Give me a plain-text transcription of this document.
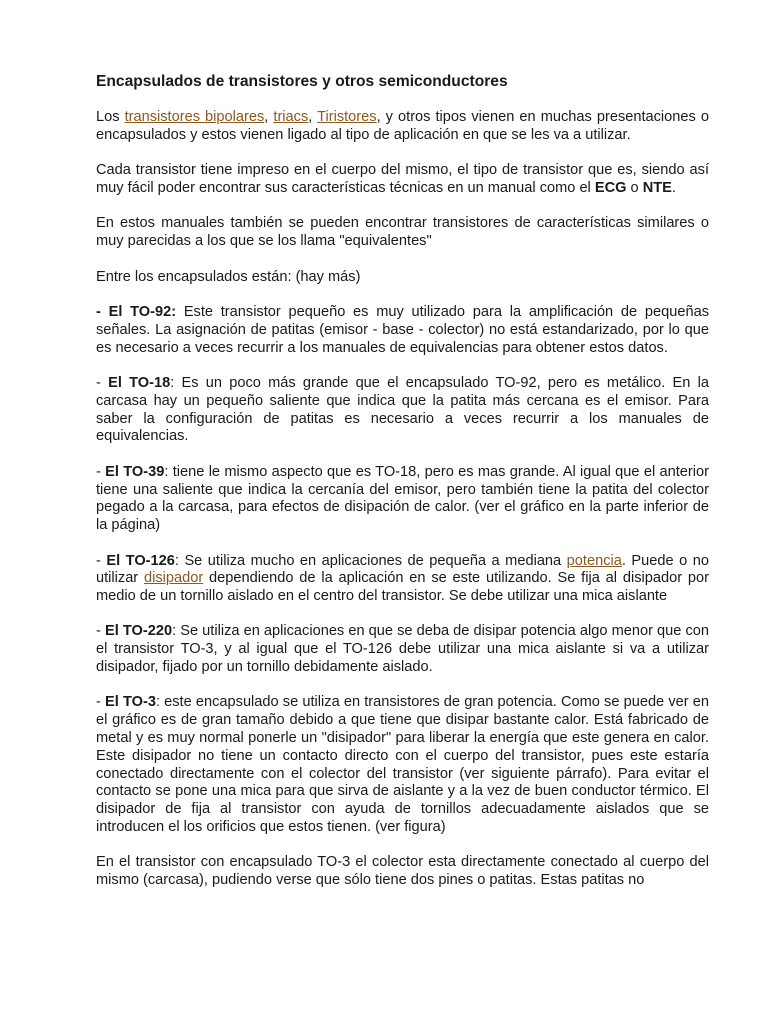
Encapsulados de transistores y otros semiconductores

Los transistores bipolares, triacs, Tiristores, y otros tipos vienen en muchas presentaciones o encapsulados y estos vienen ligado al tipo de aplicación en que se les va a utilizar.

Cada transistor tiene impreso en el cuerpo del mismo, el tipo de transistor que es, siendo así muy fácil poder encontrar sus características técnicas en un manual como el ECG o NTE.

En estos manuales también se pueden encontrar transistores de características similares o muy parecidas a los que se los llama "equivalentes"

Entre los encapsulados están: (hay más)

- El TO-92: Este transistor pequeño es muy utilizado para la amplificación de pequeñas señales. La asignación de patitas (emisor - base - colector) no está estandarizado, por lo que es necesario a veces recurrir a los manuales de equivalencias para obtener estos datos.

- El TO-18: Es un poco más grande que el encapsulado TO-92, pero es metálico. En la carcasa hay un pequeño saliente que indica que la patita más cercana es el emisor. Para saber la configuración de patitas es necesario a veces recurrir a los manuales de equivalencias.

- El TO-39: tiene le mismo aspecto que es TO-18, pero es mas grande. Al igual que el anterior tiene una saliente que indica la cercanía del emisor, pero también tiene la patita del colector pegado a la carcasa, para efectos de disipación de calor. (ver el gráfico en la parte inferior de la página)

- El TO-126: Se utiliza mucho en aplicaciones de pequeña a mediana potencia. Puede o no utilizar disipador dependiendo de la aplicación en se este utilizando. Se fija al disipador por medio de un tornillo aislado en el centro del transistor. Se debe utilizar una mica aislante

- El TO-220: Se utiliza en aplicaciones en que se deba de disipar potencia algo menor que con el transistor TO-3, y al igual que el TO-126 debe utilizar una mica aislante si va a utilizar disipador, fijado por un tornillo debidamente aislado.

- El TO-3: este encapsulado se utiliza en transistores de gran potencia. Como se puede ver en el gráfico es de gran tamaño debido a que tiene que disipar bastante calor. Está fabricado de metal y es muy normal ponerle un "disipador" para liberar la energía que este genera en calor. Este disipador no tiene un contacto directo con el cuerpo del transistor, pues este estaría conectado directamente con el colector del transistor (ver siguiente párrafo). Para evitar el contacto se pone una mica para que sirva de aislante y a la vez de buen conductor térmico. El disipador de fija al transistor con ayuda de tornillos adecuadamente aislados que se introducen el los orificios que estos tienen. (ver figura)

En el transistor con encapsulado TO-3 el colector esta directamente conectado al cuerpo del mismo (carcasa), pudiendo verse que sólo tiene dos pines o patitas. Estas patitas no
